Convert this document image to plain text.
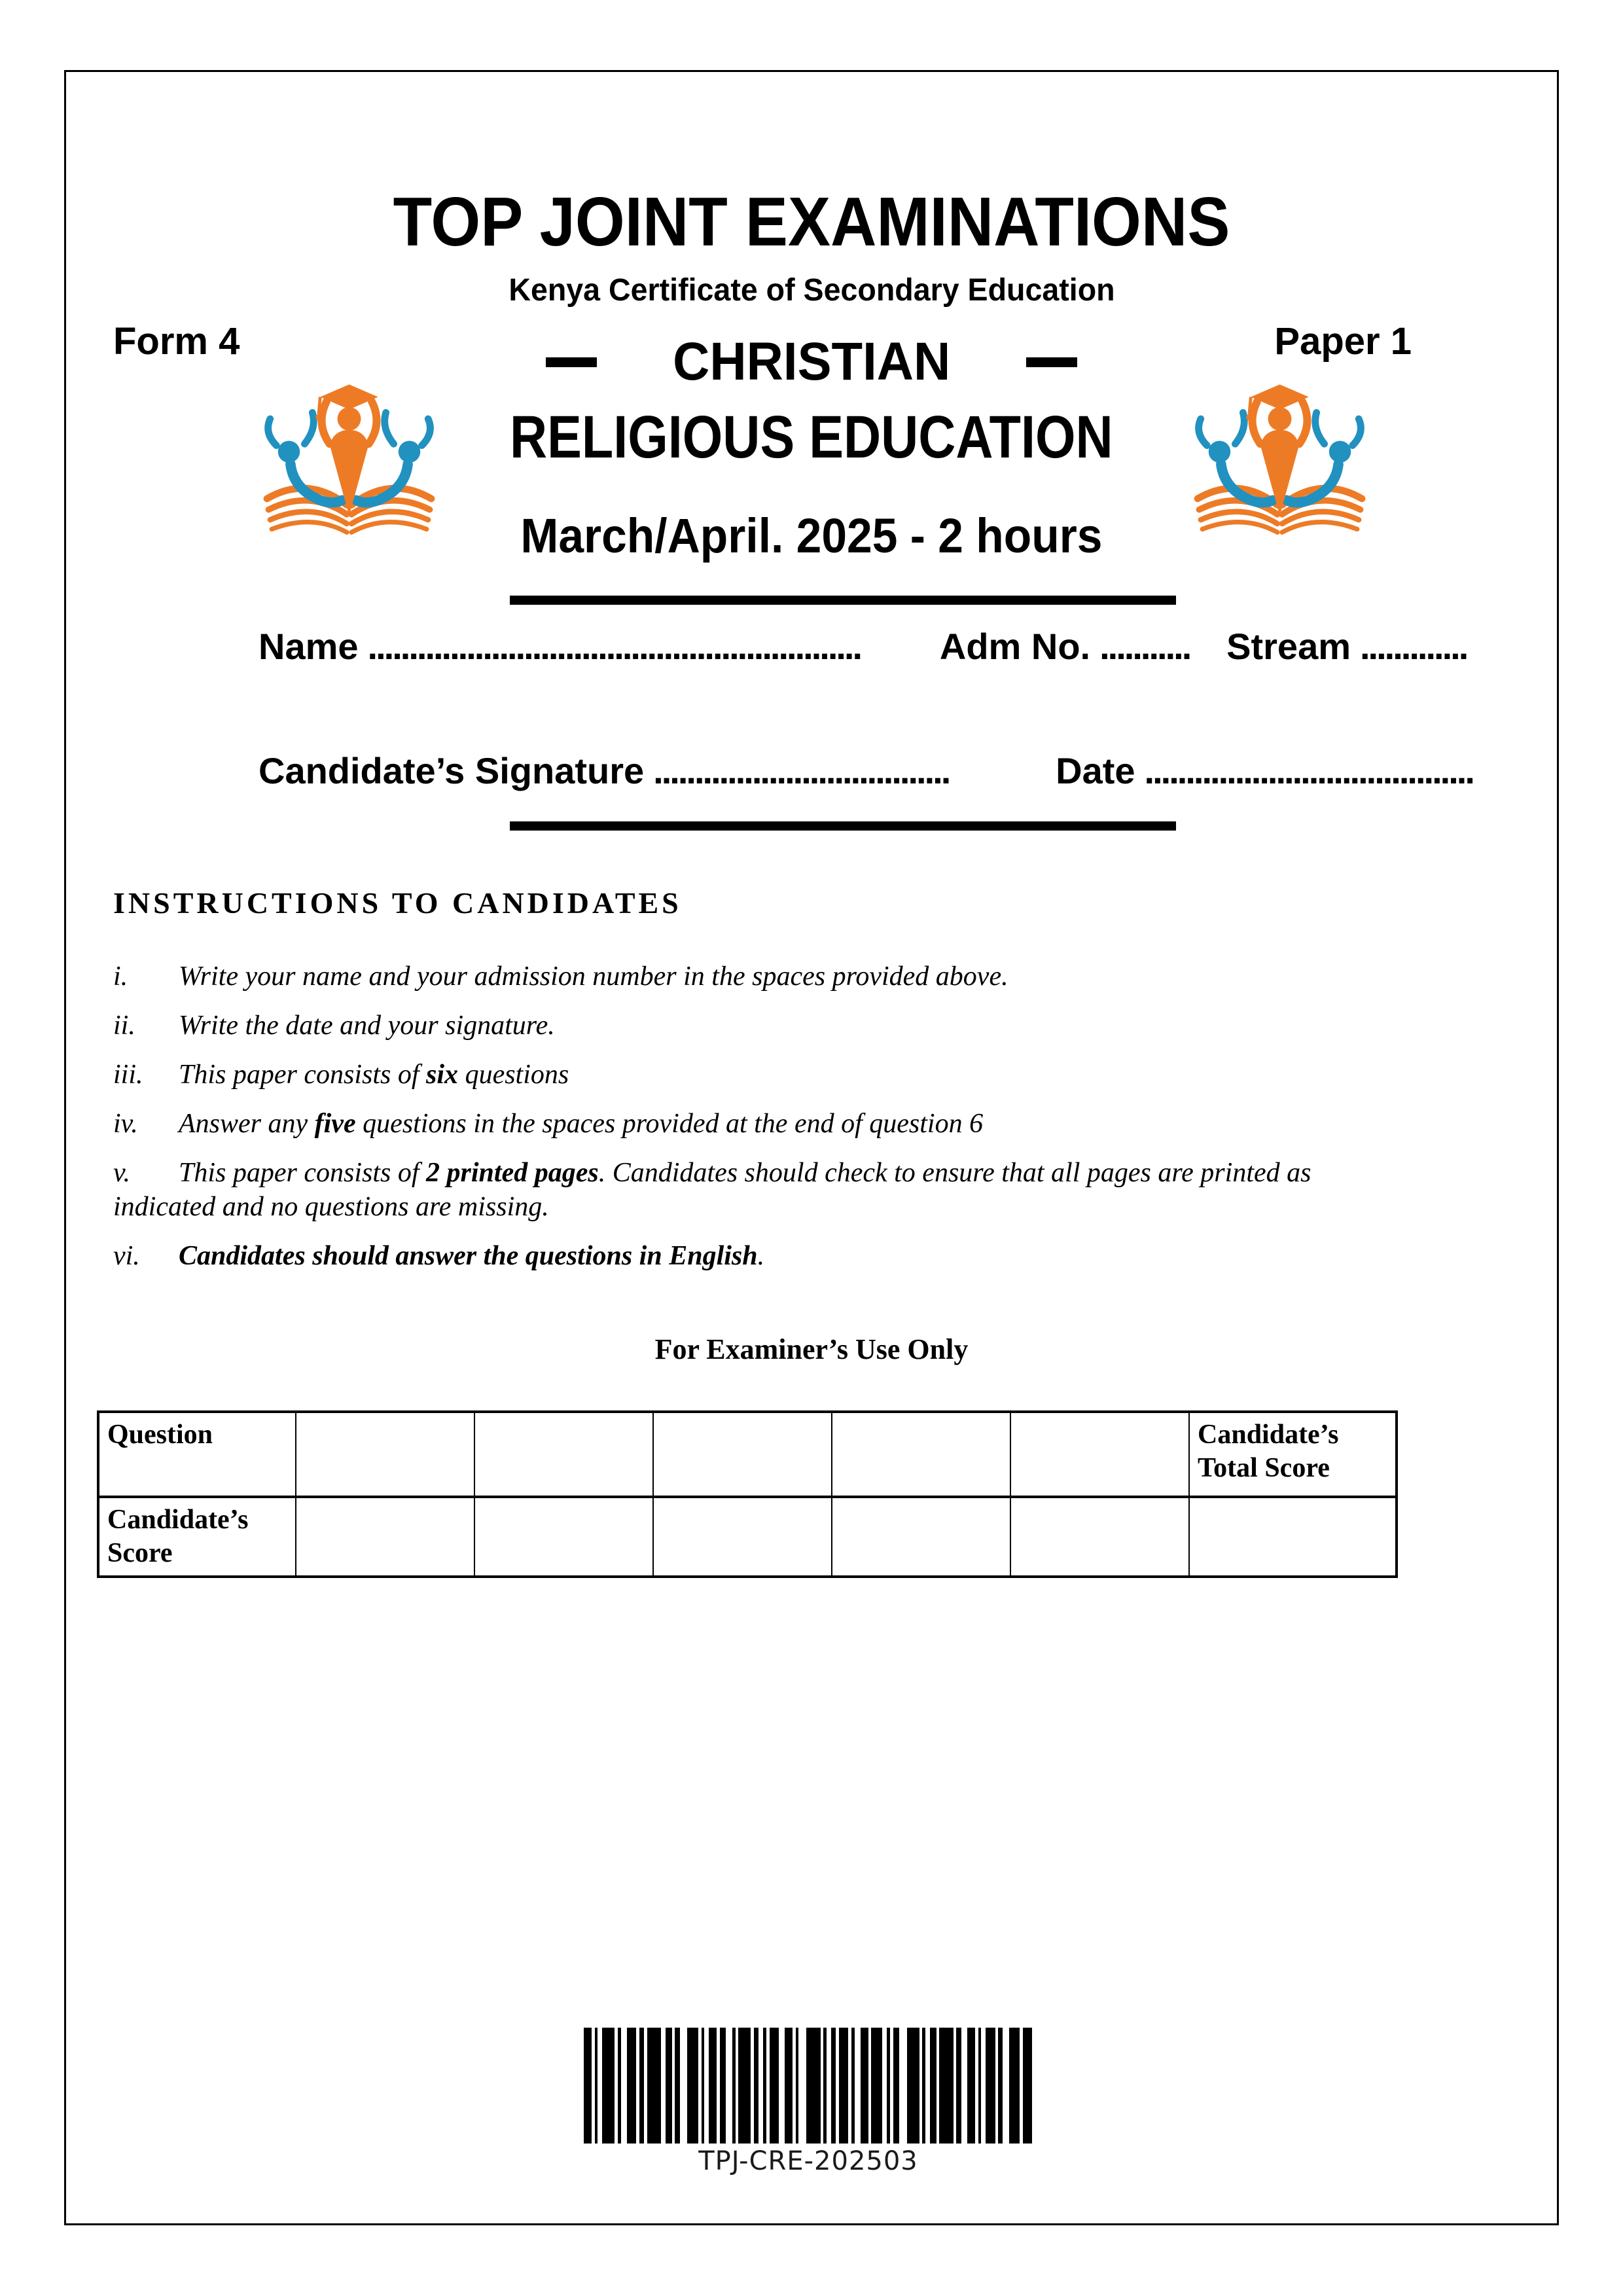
TOP JOINT EXAMINATIONS
Kenya Certificate of Secondary Education
Form 4	Paper 1
CHRISTIAN
RELIGIOUS EDUCATION
March/April. 2025 - 2 hours
Name ............................................................	Adm No. ........... Stream .............
Candidate’s Signature ....................................	Date ........................................
INSTRUCTIONS TO CANDIDATES
i. Write your name and your admission number in the spaces provided above.
ii. Write the date and your signature.
iii. This paper consists of six questions
iv. Answer any five questions in the spaces provided at the end of question 6
v. This paper consists of 2 printed pages. Candidates should check to ensure that all pages are printed as
indicated and no questions are missing.
vi. Candidates should answer the questions in English.
For Examiner’s Use Only
Question						Candidate’s Total Score
Candidate’s Score						
TPJ-CRE-202503
